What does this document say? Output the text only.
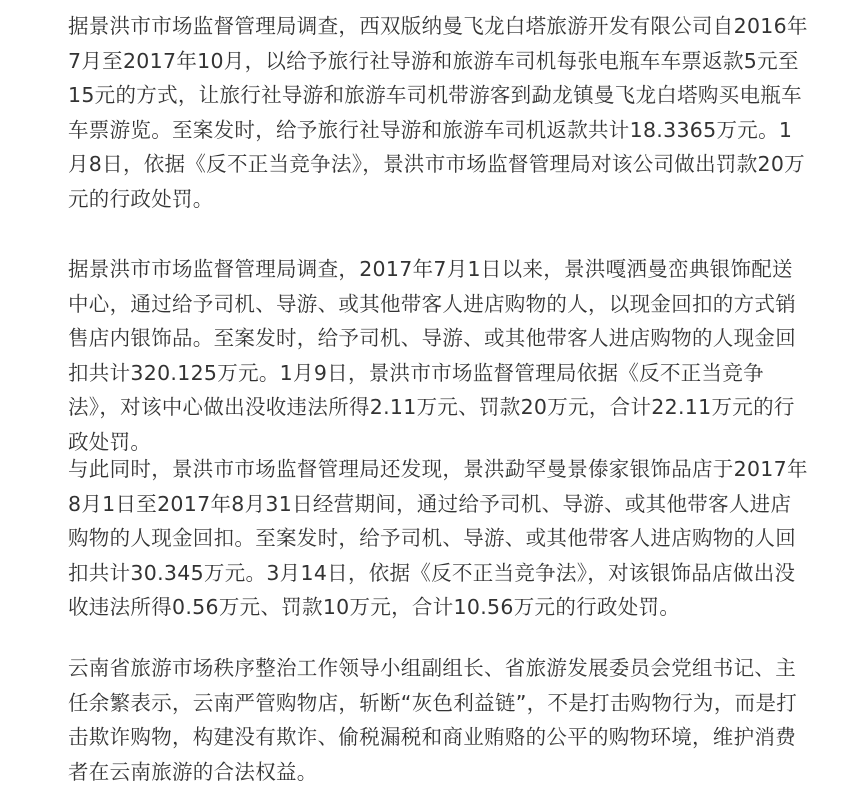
据景洪市市场监督管理局调查，西双版纳曼飞龙白塔旅游开发有限公司自2016年7月至2017年10月，以给予旅行社导游和旅游车司机每张电瓶车车票返款5元至15元的方式，让旅行社导游和旅游车司机带游客到勐龙镇曼飞龙白塔购买电瓶车车票游览。至案发时，给予旅行社导游和旅游车司机返款共计18.3365万元。1月8日，依据《反不正当竞争法》，景洪市市场监督管理局对该公司做出罚款20万元的行政处罚。

据景洪市市场监督管理局调查，2017年7月1日以来，景洪嘎洒曼峦典银饰配送中心，通过给予司机、导游、或其他带客人进店购物的人，以现金回扣的方式销售店内银饰品。至案发时，给予司机、导游、或其他带客人进店购物的人现金回扣共计320.125万元。1月9日，景洪市市场监督管理局依据《反不正当竞争法》，对该中心做出没收违法所得2.11万元、罚款20万元，合计22.11万元的行政处罚。

与此同时，景洪市市场监督管理局还发现，景洪勐罕曼景傣家银饰品店于2017年8月1日至2017年8月31日经营期间，通过给予司机、导游、或其他带客人进店购物的人现金回扣。至案发时，给予司机、导游、或其他带客人进店购物的人回扣共计30.345万元。3月14日，依据《反不正当竞争法》，对该银饰品店做出没收违法所得0.56万元、罚款10万元，合计10.56万元的行政处罚。

云南省旅游市场秩序整治工作领导小组副组长、省旅游发展委员会党组书记、主任余繁表示，云南严管购物店，斩断“灰色利益链”，不是打击购物行为，而是打击欺诈购物，构建没有欺诈、偷税漏税和商业贿赂的公平的购物环境，维护消费者在云南旅游的合法权益。
